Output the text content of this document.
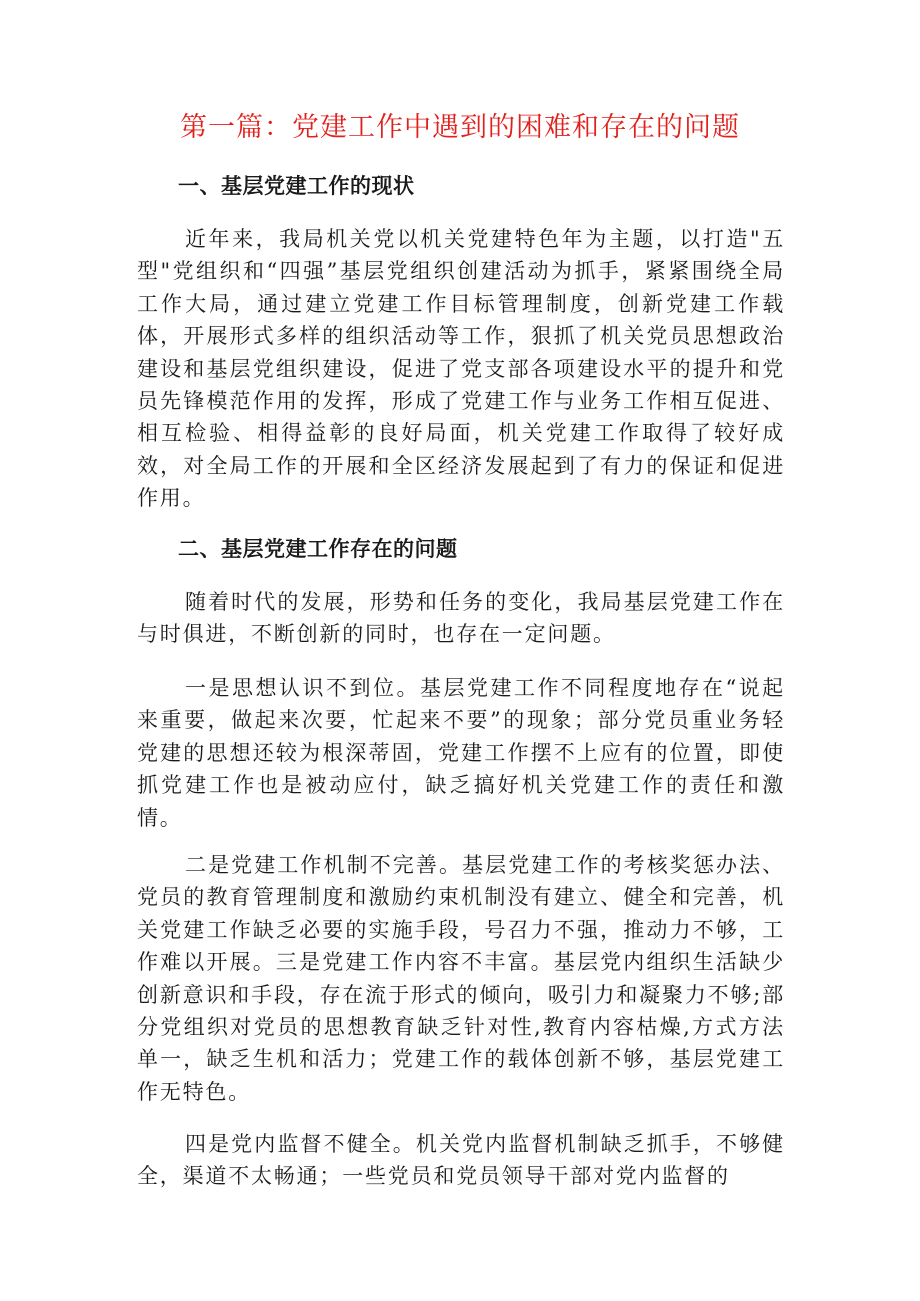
第一篇：党建工作中遇到的困难和存在的问题
一、基层党建工作的现状

近年来，我局机关党以机关党建特色年为主题，以打造"五型"党组织和“四强”基层党组织创建活动为抓手，紧紧围绕全局工作大局，通过建立党建工作目标管理制度，创新党建工作载体，开展形式多样的组织活动等工作，狠抓了机关党员思想政治建设和基层党组织建设，促进了党支部各项建设水平的提升和党员先锋模范作用的发挥，形成了党建工作与业务工作相互促进、相互检验、相得益彰的良好局面，机关党建工作取得了较好成效，对全局工作的开展和全区经济发展起到了有力的保证和促进作用。

二、基层党建工作存在的问题

随着时代的发展，形势和任务的变化，我局基层党建工作在与时俱进，不断创新的同时，也存在一定问题。

一是思想认识不到位。基层党建工作不同程度地存在“说起来重要，做起来次要，忙起来不要”的现象；部分党员重业务轻党建的思想还较为根深蒂固，党建工作摆不上应有的位置，即使抓党建工作也是被动应付，缺乏搞好机关党建工作的责任和激情。

二是党建工作机制不完善。基层党建工作的考核奖惩办法、党员的教育管理制度和激励约束机制没有建立、健全和完善，机关党建工作缺乏必要的实施手段，号召力不强，推动力不够，工作难以开展。三是党建工作内容不丰富。基层党内组织生活缺少创新意识和手段，存在流于形式的倾向，吸引力和凝聚力不够;部分党组织对党员的思想教育缺乏针对性,教育内容枯燥,方式方法单一，缺乏生机和活力；党建工作的载体创新不够，基层党建工作无特色。

四是党内监督不健全。机关党内监督机制缺乏抓手，不够健全，渠道不太畅通；一些党员和党员领导干部对党内监督的
